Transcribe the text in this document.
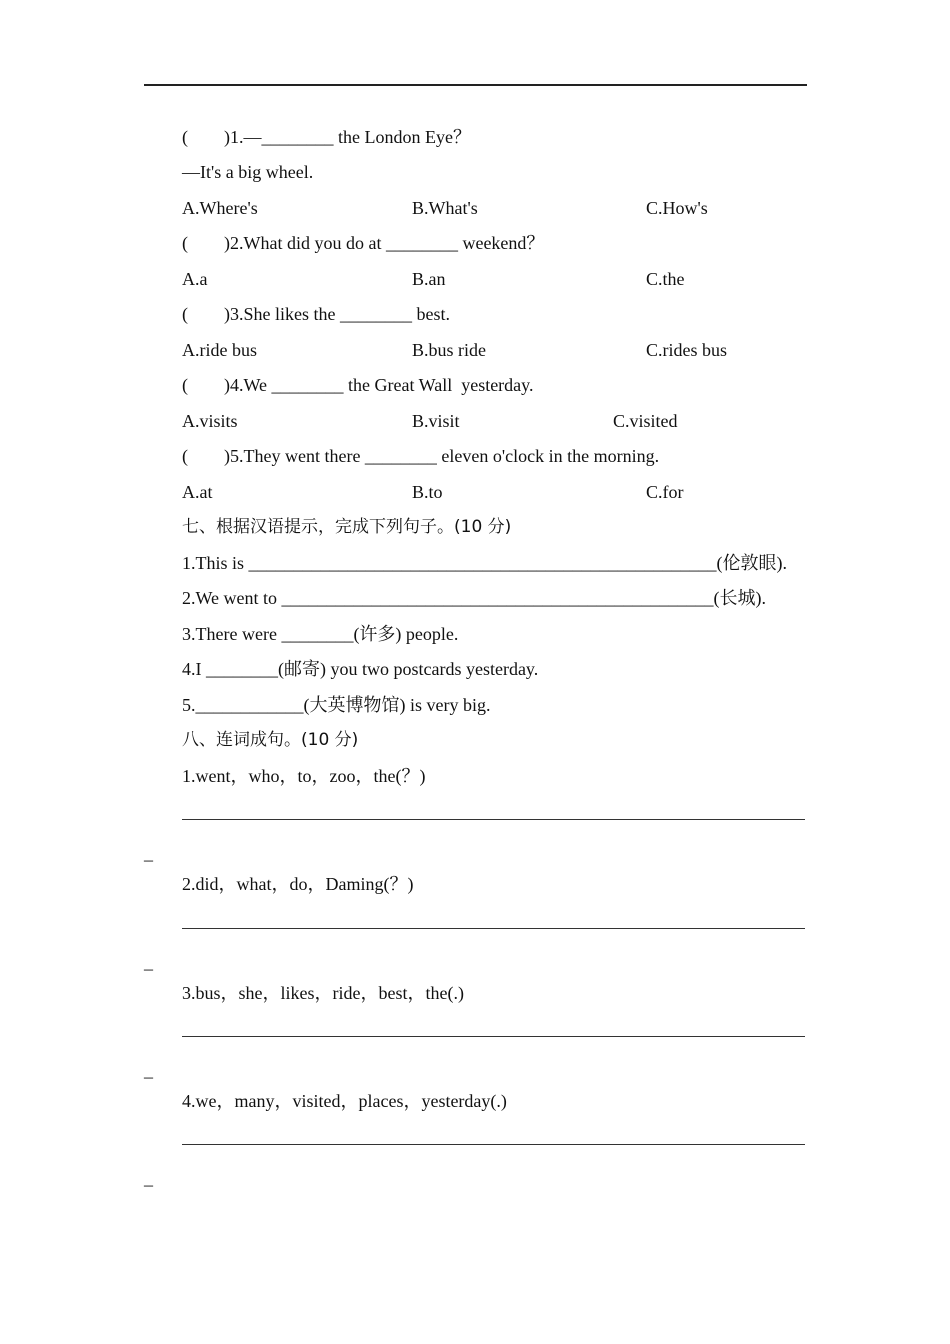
(        )1.—________ the London Eye？
—It's a big wheel.
A.Where's	B.What's	C.How's
(        )2.What did you do at ________ weekend？
A.a	B.an	C.the
(        )3.She likes the ________ best.
A.ride bus	B.bus ride	C.rides bus
(        )4.We ________ the Great Wall  yesterday.
A.visits	B.visit	C.visited
(        )5.They went there ________ eleven o'clock in the morning.
A.at	B.to	C.for
七、根据汉语提示，完成下列句子。(10 分)
1.This is ____________________________________________________(伦敦眼).
2.We went to ________________________________________________(长城).
3.There were ________(许多) people.
4.I ________(邮寄) you two postcards yesterday.
5.____________(大英博物馆) is very big.
八、连词成句。(10 分)
1.went，who，to，zoo，the(？)
_
2.did，what，do，Daming(？)
_
3.bus，she，likes，ride，best，the(.)
_
4.we，many，visited，places，yesterday(.)
_
